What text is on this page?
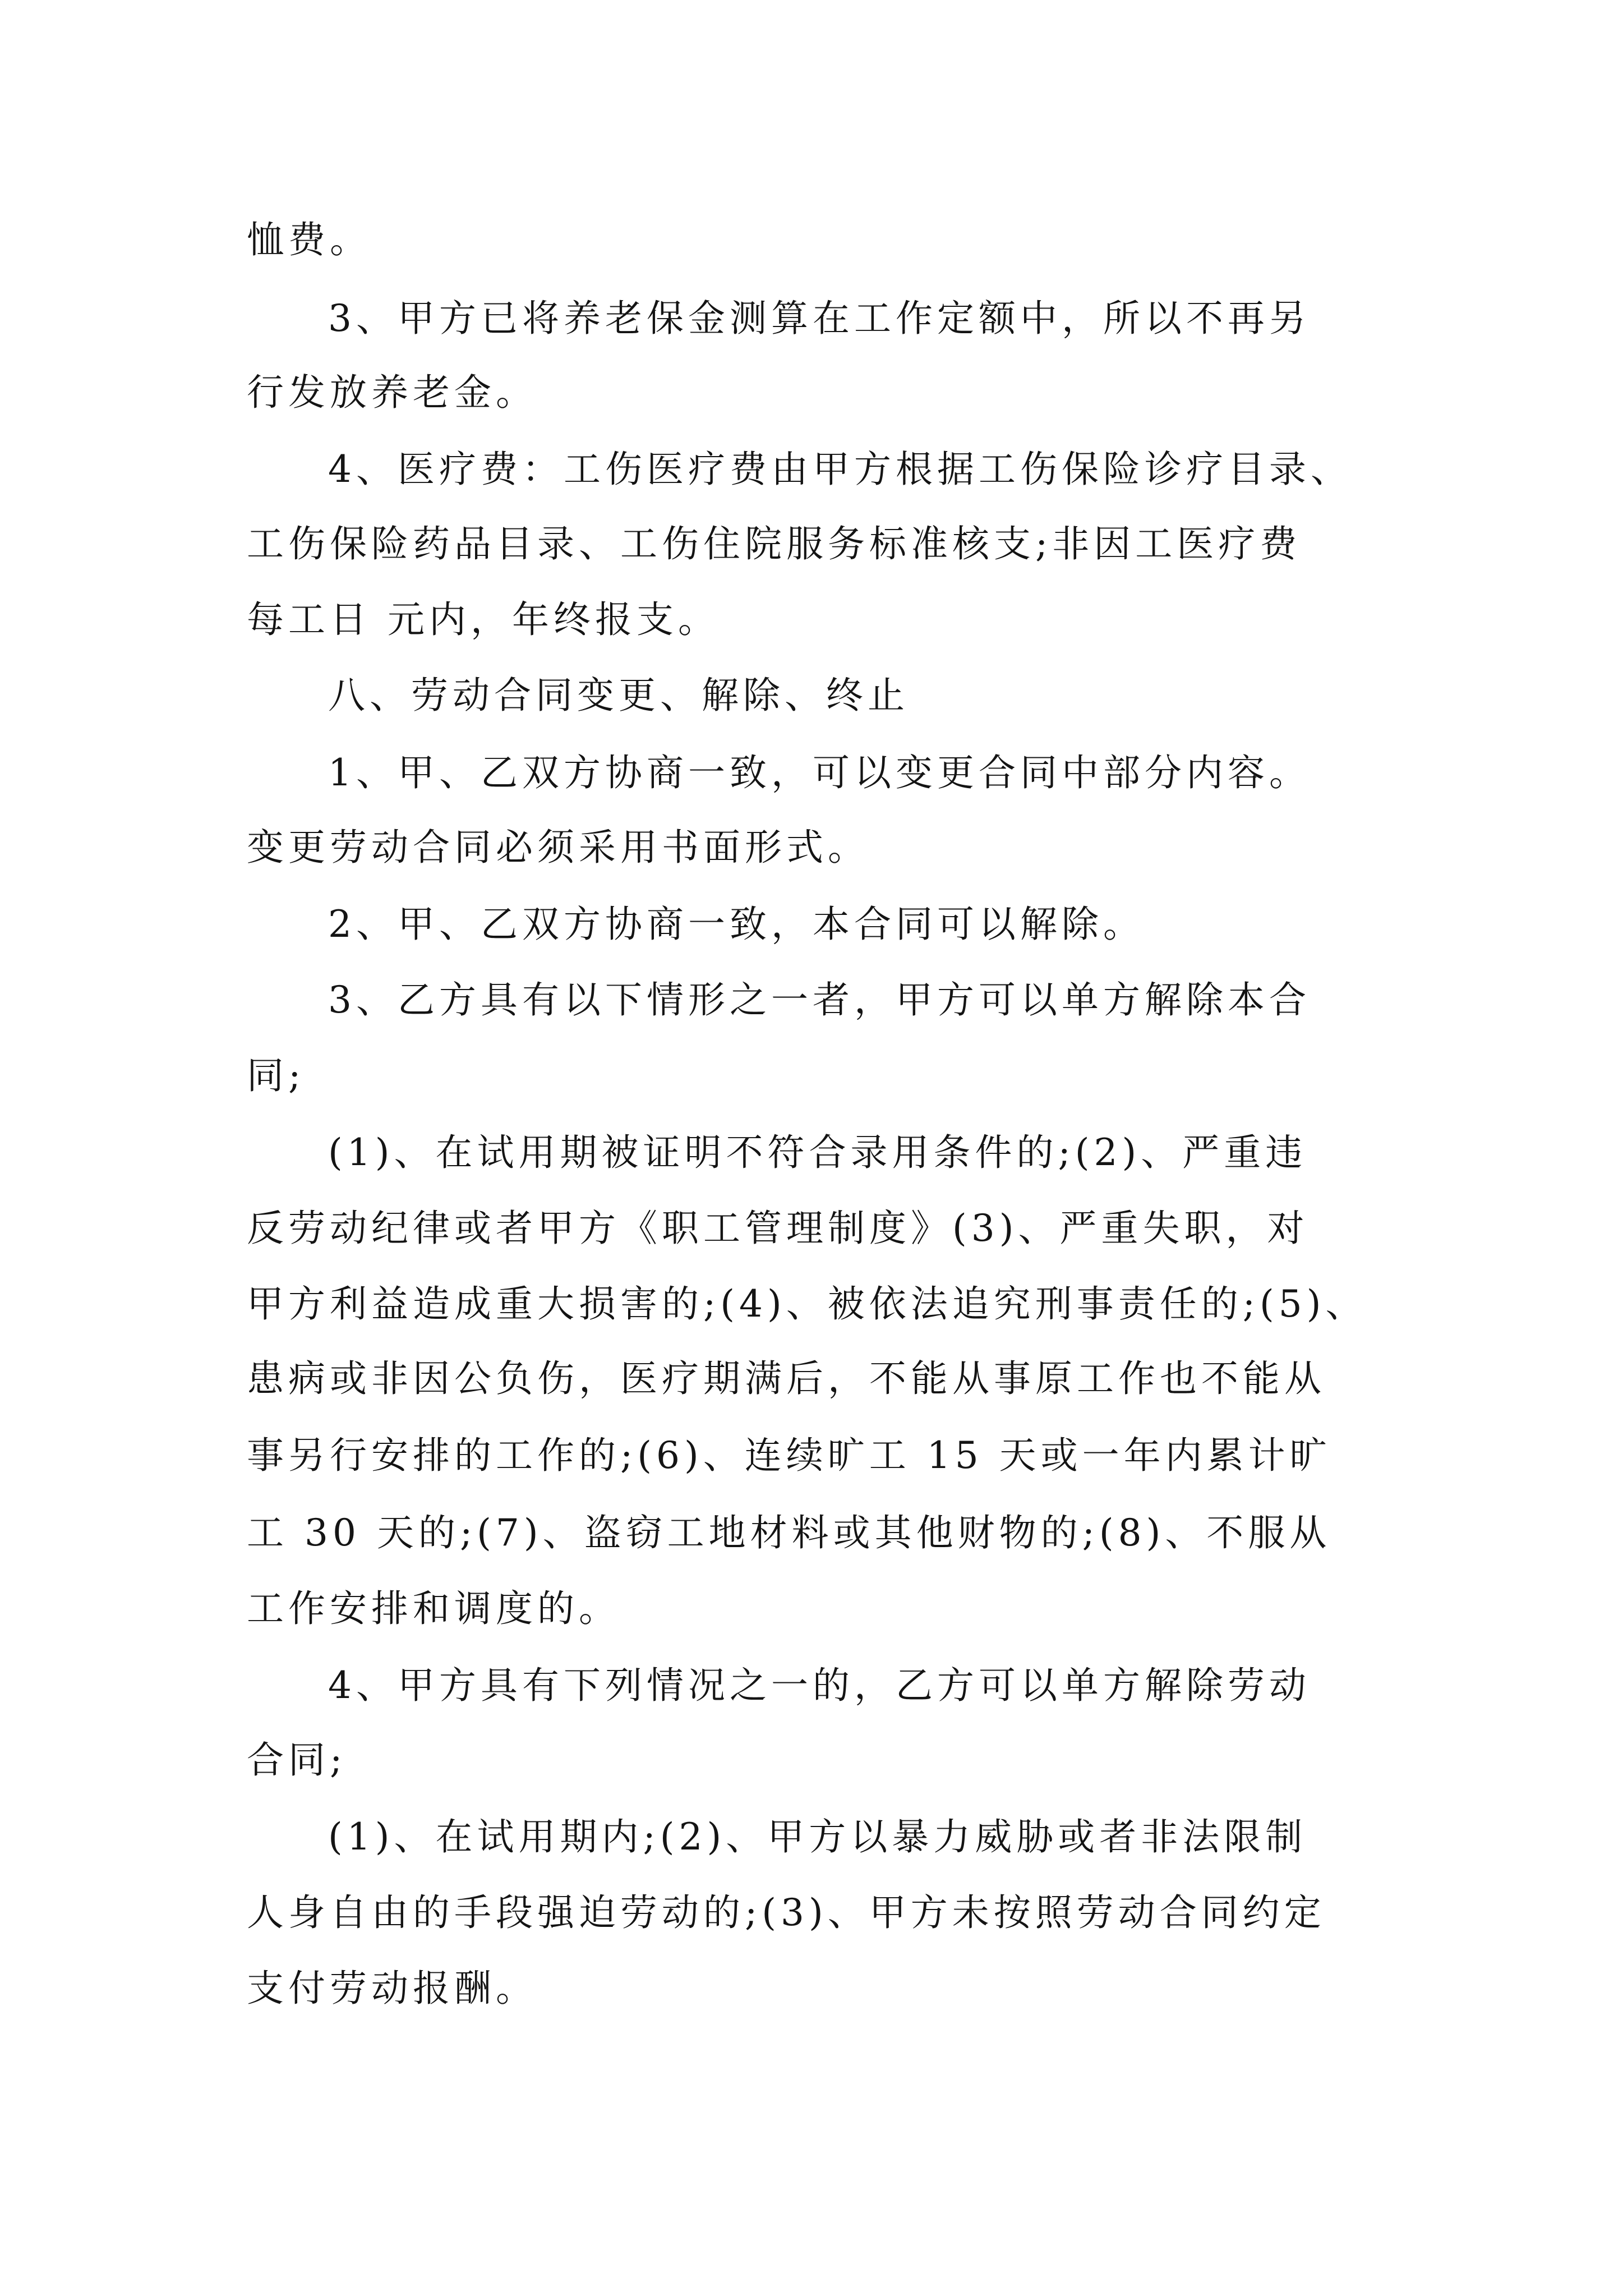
恤费。

3、甲方已将养老保金测算在工作定额中，所以不再另

行发放养老金。

4、医疗费：工伤医疗费由甲方根据工伤保险诊疗目录、

工伤保险药品目录、工伤住院服务标准核支;非因工医疗费

每工日 元内，年终报支。

八、劳动合同变更、解除、终止

1、甲、乙双方协商一致，可以变更合同中部分内容。

变更劳动合同必须采用书面形式。

2、甲、乙双方协商一致，本合同可以解除。

3、乙方具有以下情形之一者，甲方可以单方解除本合

同;

(1)、在试用期被证明不符合录用条件的;(2)、严重违

反劳动纪律或者甲方《职工管理制度》(3)、严重失职，对

甲方利益造成重大损害的;(4)、被依法追究刑事责任的;(5)、

患病或非因公负伤，医疗期满后，不能从事原工作也不能从

事另行安排的工作的;(6)、连续旷工 15 天或一年内累计旷

工 30 天的;(7)、盗窃工地材料或其他财物的;(8)、不服从

工作安排和调度的。

4、甲方具有下列情况之一的，乙方可以单方解除劳动

合同;

(1)、在试用期内;(2)、甲方以暴力威胁或者非法限制

人身自由的手段强迫劳动的;(3)、甲方未按照劳动合同约定

支付劳动报酬。
